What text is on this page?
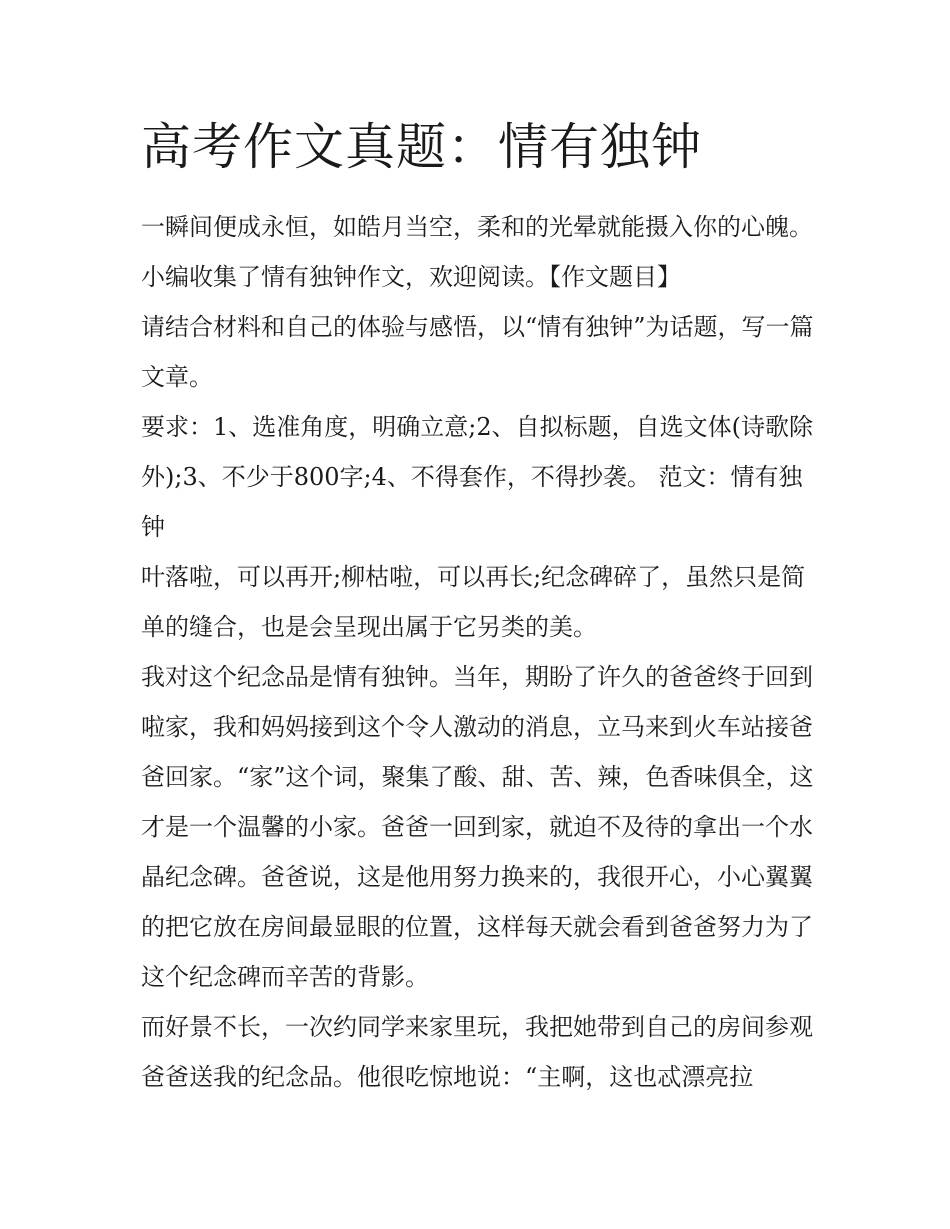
高考作文真题：情有独钟

一瞬间便成永恒，如皓月当空，柔和的光晕就能摄入你的心魄。小编收集了情有独钟作文，欢迎阅读。【作文题目】

请结合材料和自己的体验与感悟，以“情有独钟”为话题，写一篇文章。

要求：1、选准角度，明确立意;2、自拟标题，自选文体(诗歌除外);3、不少于800字;4、不得套作，不得抄袭。 范文：情有独钟

叶落啦，可以再开;柳枯啦，可以再长;纪念碑碎了，虽然只是简单的缝合，也是会呈现出属于它另类的美。

我对这个纪念品是情有独钟。当年，期盼了许久的爸爸终于回到啦家，我和妈妈接到这个令人激动的消息，立马来到火车站接爸爸回家。“家”这个词，聚集了酸、甜、苦、辣，色香味俱全，这才是一个温馨的小家。爸爸一回到家，就迫不及待的拿出一个水晶纪念碑。爸爸说，这是他用努力换来的，我很开心，小心翼翼的把它放在房间最显眼的位置，这样每天就会看到爸爸努力为了这个纪念碑而辛苦的背影。

而好景不长，一次约同学来家里玩，我把她带到自己的房间参观爸爸送我的纪念品。他很吃惊地说：“主啊，这也忒漂亮拉
